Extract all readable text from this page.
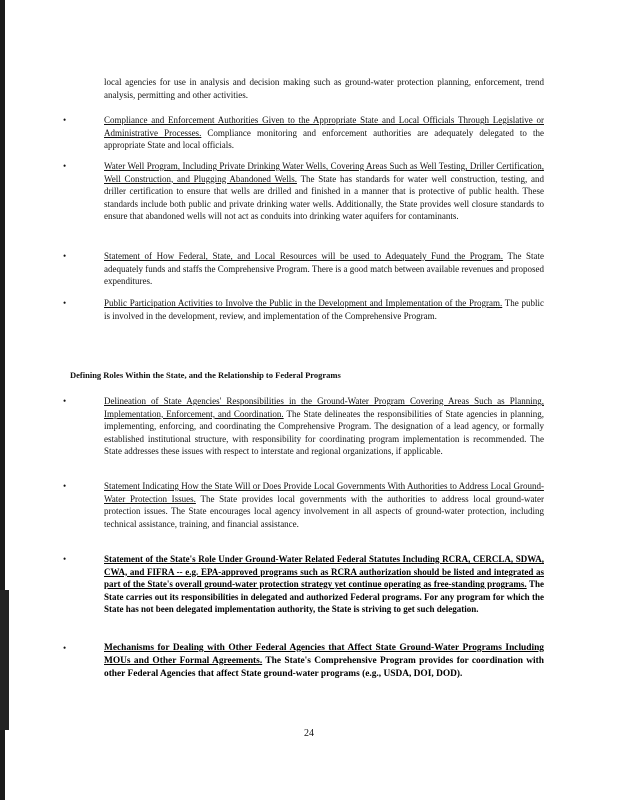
local agencies for use in analysis and decision making such as ground-water protection planning, enforcement, trend analysis, permitting and other activities.

•	Compliance and Enforcement Authorities Given to the Appropriate State and Local Officials Through Legislative or Administrative Processes. Compliance monitoring and enforcement authorities are adequately delegated to the appropriate State and local officials.

•	Water Well Program, Including Private Drinking Water Wells, Covering Areas Such as Well Testing, Driller Certification, Well Construction, and Plugging Abandoned Wells. The State has standards for water well construction, testing, and driller certification to ensure that wells are drilled and finished in a manner that is protective of public health. These standards include both public and private drinking water wells. Additionally, the State provides well closure standards to ensure that abandoned wells will not act as conduits into drinking water aquifers for contaminants.

•	Statement of How Federal, State, and Local Resources will be used to Adequately Fund the Program. The State adequately funds and staffs the Comprehensive Program. There is a good match between available revenues and proposed expenditures.

•	Public Participation Activities to Involve the Public in the Development and Implementation of the Program. The public is involved in the development, review, and implementation of the Comprehensive Program.

Defining Roles Within the State, and the Relationship to Federal Programs

•	Delineation of State Agencies' Responsibilities in the Ground-Water Program Covering Areas Such as Planning, Implementation, Enforcement, and Coordination. The State delineates the responsibilities of State agencies in planning, implementing, enforcing, and coordinating the Comprehensive Program. The designation of a lead agency, or formally established institutional structure, with responsibility for coordinating program implementation is recommended. The State addresses these issues with respect to interstate and regional organizations, if applicable.

•	Statement Indicating How the State Will or Does Provide Local Governments With Authorities to Address Local Ground-Water Protection Issues. The State provides local governments with the authorities to address local ground-water protection issues. The State encourages local agency involvement in all aspects of ground-water protection, including technical assistance, training, and financial assistance.

•	Statement of the State's Role Under Ground-Water Related Federal Statutes Including RCRA, CERCLA, SDWA, CWA, and FIFRA -- e.g. EPA-approved programs such as RCRA authorization should be listed and integrated as part of the State's overall ground-water protection strategy yet continue operating as free-standing programs. The State carries out its responsibilities in delegated and authorized Federal programs. For any program for which the State has not been delegated implementation authority, the State is striving to get such delegation.

•	Mechanisms for Dealing with Other Federal Agencies that Affect State Ground-Water Programs Including MOUs and Other Formal Agreements. The State's Comprehensive Program provides for coordination with other Federal Agencies that affect State ground-water programs (e.g., USDA, DOI, DOD).

24
